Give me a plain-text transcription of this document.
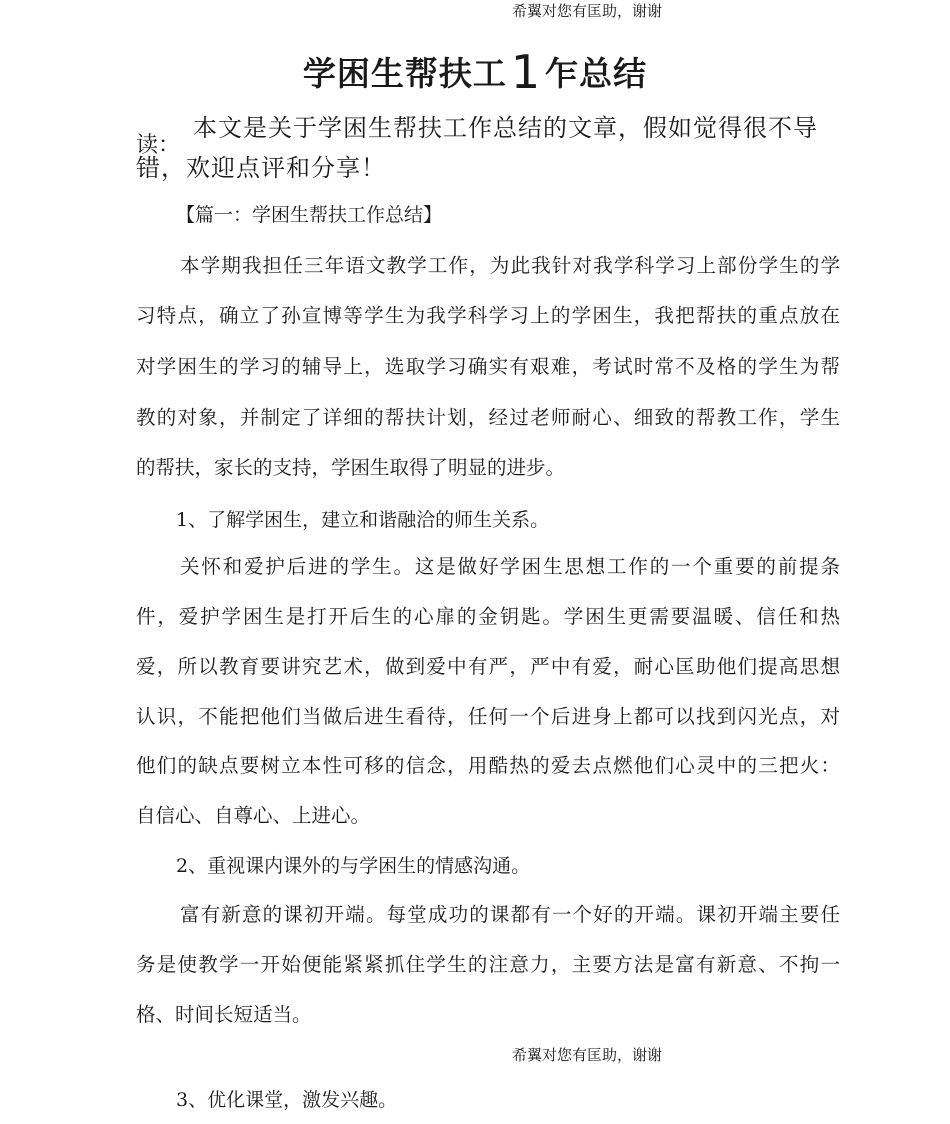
希翼对您有匡助，谢谢
学困生帮扶工1 乍总结
读：
本文是关于学困生帮扶工作总结的文章，假如觉得很不导
错，欢迎点评和分享！
【篇一：学困生帮扶工作总结】
本学期我担任三年语文教学工作，为此我针对我学科学习上部份学生的学
习特点，确立了孙宣博等学生为我学科学习上的学困生，我把帮扶的重点放在
对学困生的学习的辅导上，选取学习确实有艰难，考试时常不及格的学生为帮
教的对象，并制定了详细的帮扶计划，经过老师耐心、细致的帮教工作，学生
的帮扶，家长的支持，学困生取得了明显的进步。
1、了解学困生，建立和谐融洽的师生关系。
关怀和爱护后进的学生。这是做好学困生思想工作的一个重要的前提条
件，爱护学困生是打开后生的心扉的金钥匙。学困生更需要温暖、信任和热
爱，所以教育要讲究艺术，做到爱中有严，严中有爱，耐心匡助他们提高思想
认识，不能把他们当做后进生看待，任何一个后进身上都可以找到闪光点，对
他们的缺点要树立本性可移的信念，用酷热的爱去点燃他们心灵中的三把火：
自信心、自尊心、上进心。
2、重视课内课外的与学困生的情感沟通。
富有新意的课初开端。每堂成功的课都有一个好的开端。课初开端主要任
务是使教学一开始便能紧紧抓住学生的注意力，主要方法是富有新意、不拘一
格、时间长短适当。
希翼对您有匡助，谢谢
3、优化课堂，激发兴趣。
